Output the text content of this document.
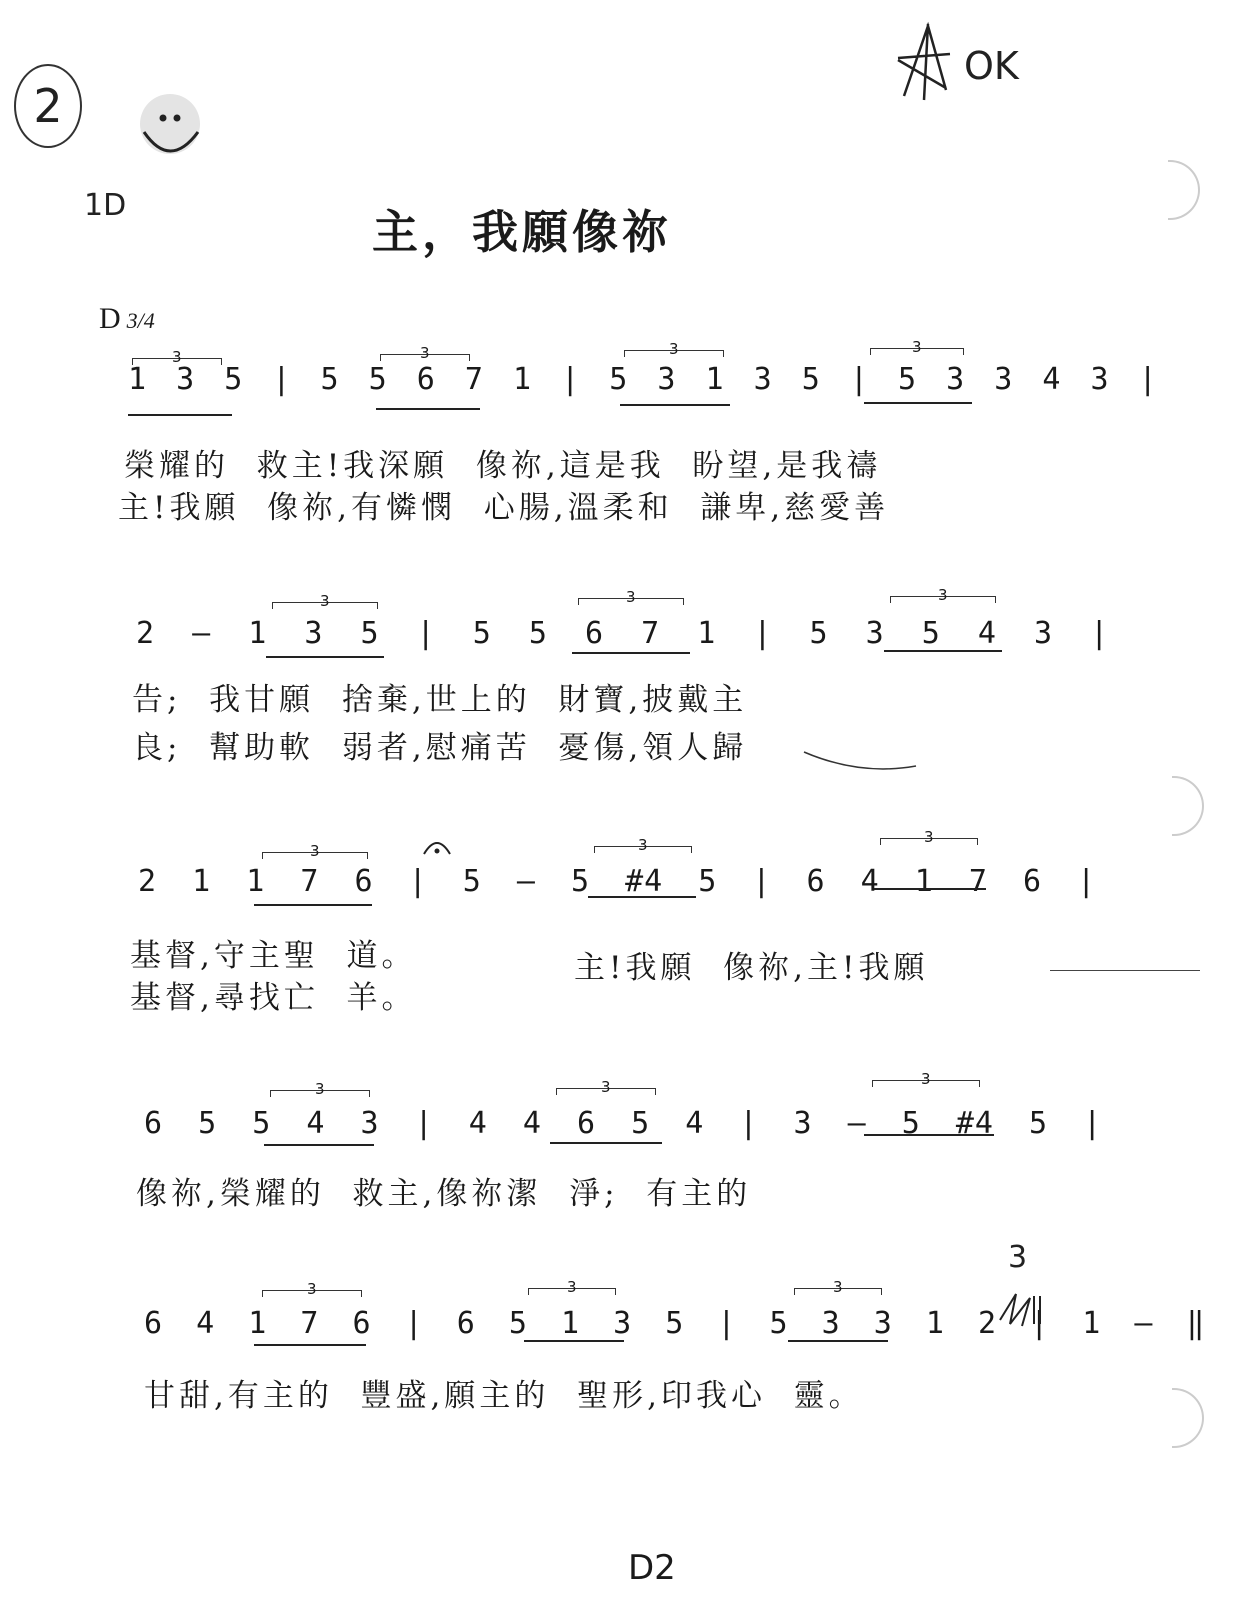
2
OK
1D	主，我願像祢

D 3/4

1 3 5 | 5 5 6 7 1 | 5 3 1 3 5 | 5 3 3 4 3 |
榮耀的  救主!我深願  像祢,這是我  盼望,是我禱
主!我願  像祢,有憐憫  心腸,溫柔和  謙卑,慈愛善
2 — 1 3 5 | 5 5 6 7 1 | 5 3 5 4 3 |
告;  我甘願  捨棄,世上的  財寶,披戴主
良;  幫助軟  弱者,慰痛苦  憂傷,領人歸
2 1 1 7 6 | 5 — 5 #4 5 | 6 4 1 7 6 |
基督,守主聖  道。
基督,尋找亡  羊。
主!我願  像祢,主!我願
6 5 5 4 3 | 4 4 6 5 4 | 3 — 5 #4 5 |
像祢,榮耀的  救主,像祢潔  淨;  有主的
6 4 1 7 6 | 6 5 1 3 5 | 5 3 3 1 2 | 1 — ‖
甘甜,有主的  豐盛,願主的  聖形,印我心  靈。
3
D2
3	3	3	3
3	3	3
3	3	3
3	3	3
3	3	3
